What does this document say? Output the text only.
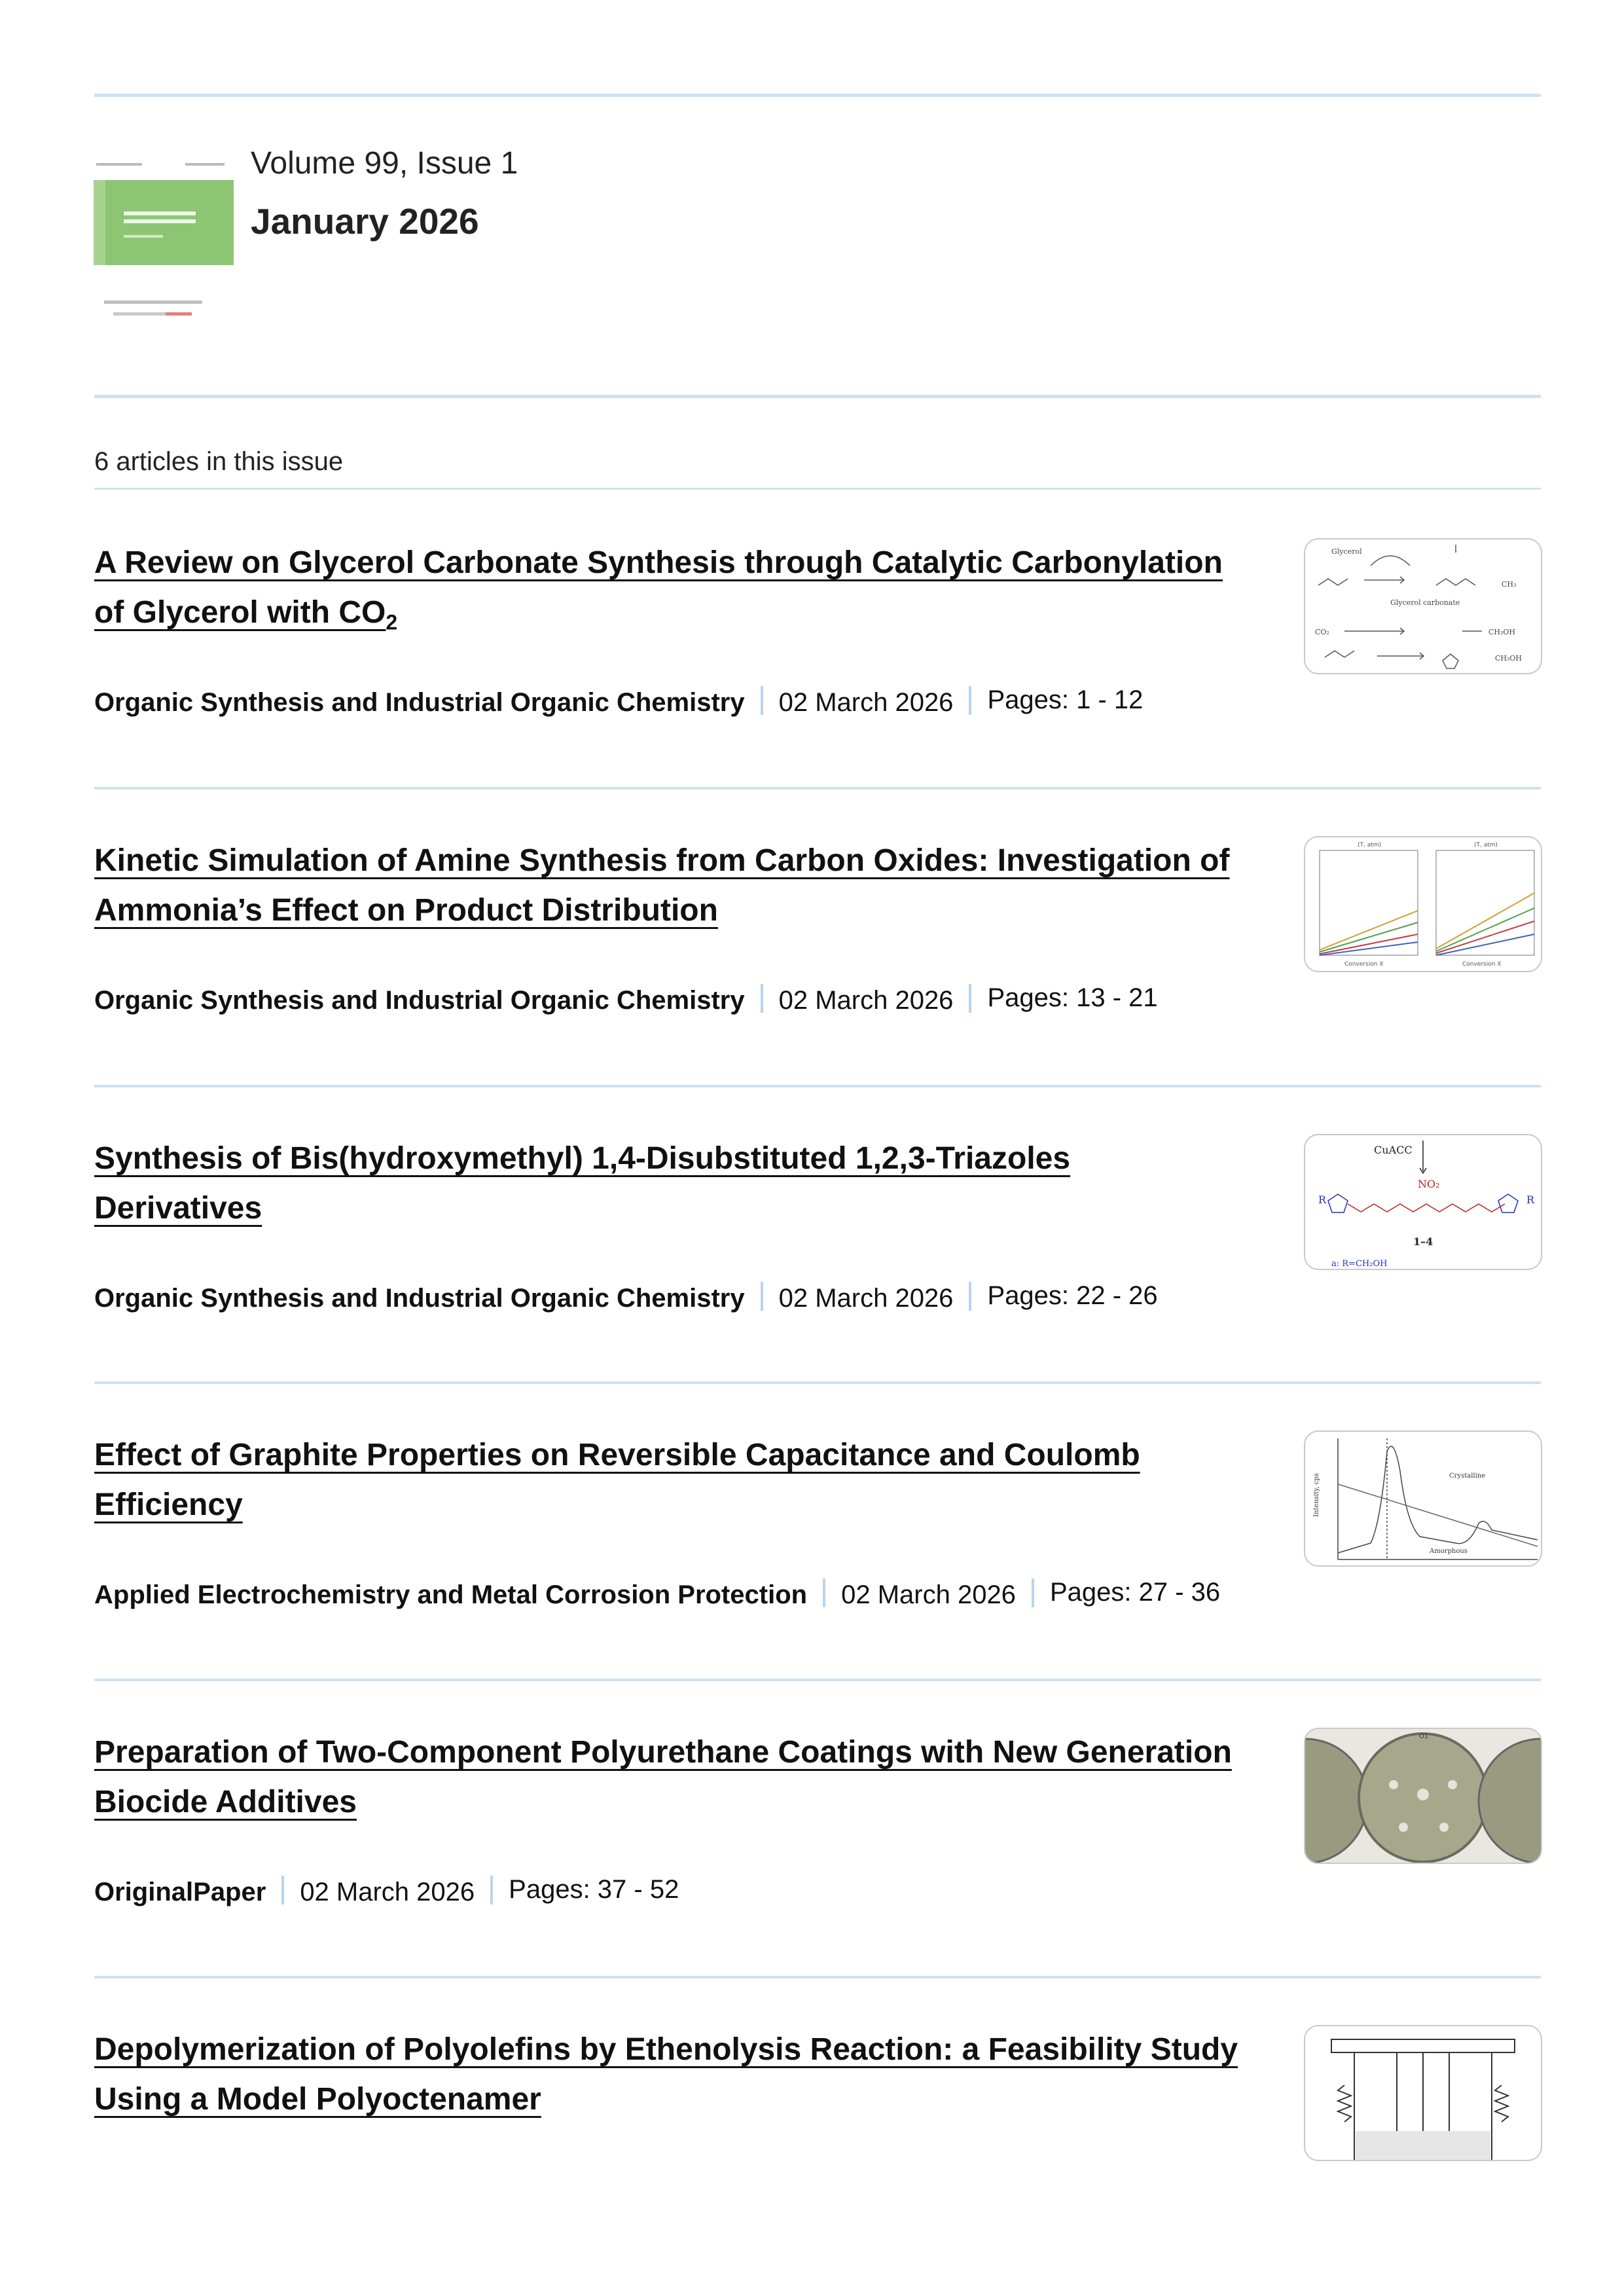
Volume 99, Issue 1
January 2026
6 articles in this issue
A Review on Glycerol Carbonate Synthesis through Catalytic Carbonylation of Glycerol with $CO_2$
Organic Synthesis and Industrial Organic Chemistry 02 March 2026 Pages: 1 - 12
Glycerol
Glycerol carbonate
CO₂	CH₃OH
CH₃OH
CH₃
Kinetic Simulation of Amine Synthesis from Carbon Oxides: Investigation of Ammonia’s Effect on Product Distribution
Organic Synthesis and Industrial Organic Chemistry 02 March 2026 Pages: 13 - 21
(T, atm)	(T, atm)
Conversion X	Conversion X
Synthesis of Bis(hydroxymethyl) 1,4-Disubstituted 1,2,3-Triazoles Derivatives
Organic Synthesis and Industrial Organic Chemistry 02 March 2026 Pages: 22 - 26
CuACC
NO₂
R	R
1–4
a: R=CH₂OH
Effect of Graphite Properties on Reversible Capacitance and Coulomb Efficiency
Applied Electrochemistry and Metal Corrosion Protection 02 March 2026 Pages: 27 - 36
Crystalline
Amorphous
Intensity, cps
Preparation of Two-Component Polyurethane Coatings with New Generation Biocide Additives
OriginalPaper 02 March 2026 Pages: 37 - 52
O1
Depolymerization of Polyolefins by Ethenolysis Reaction: a Feasibility Study Using a Model Polyoctenamer
